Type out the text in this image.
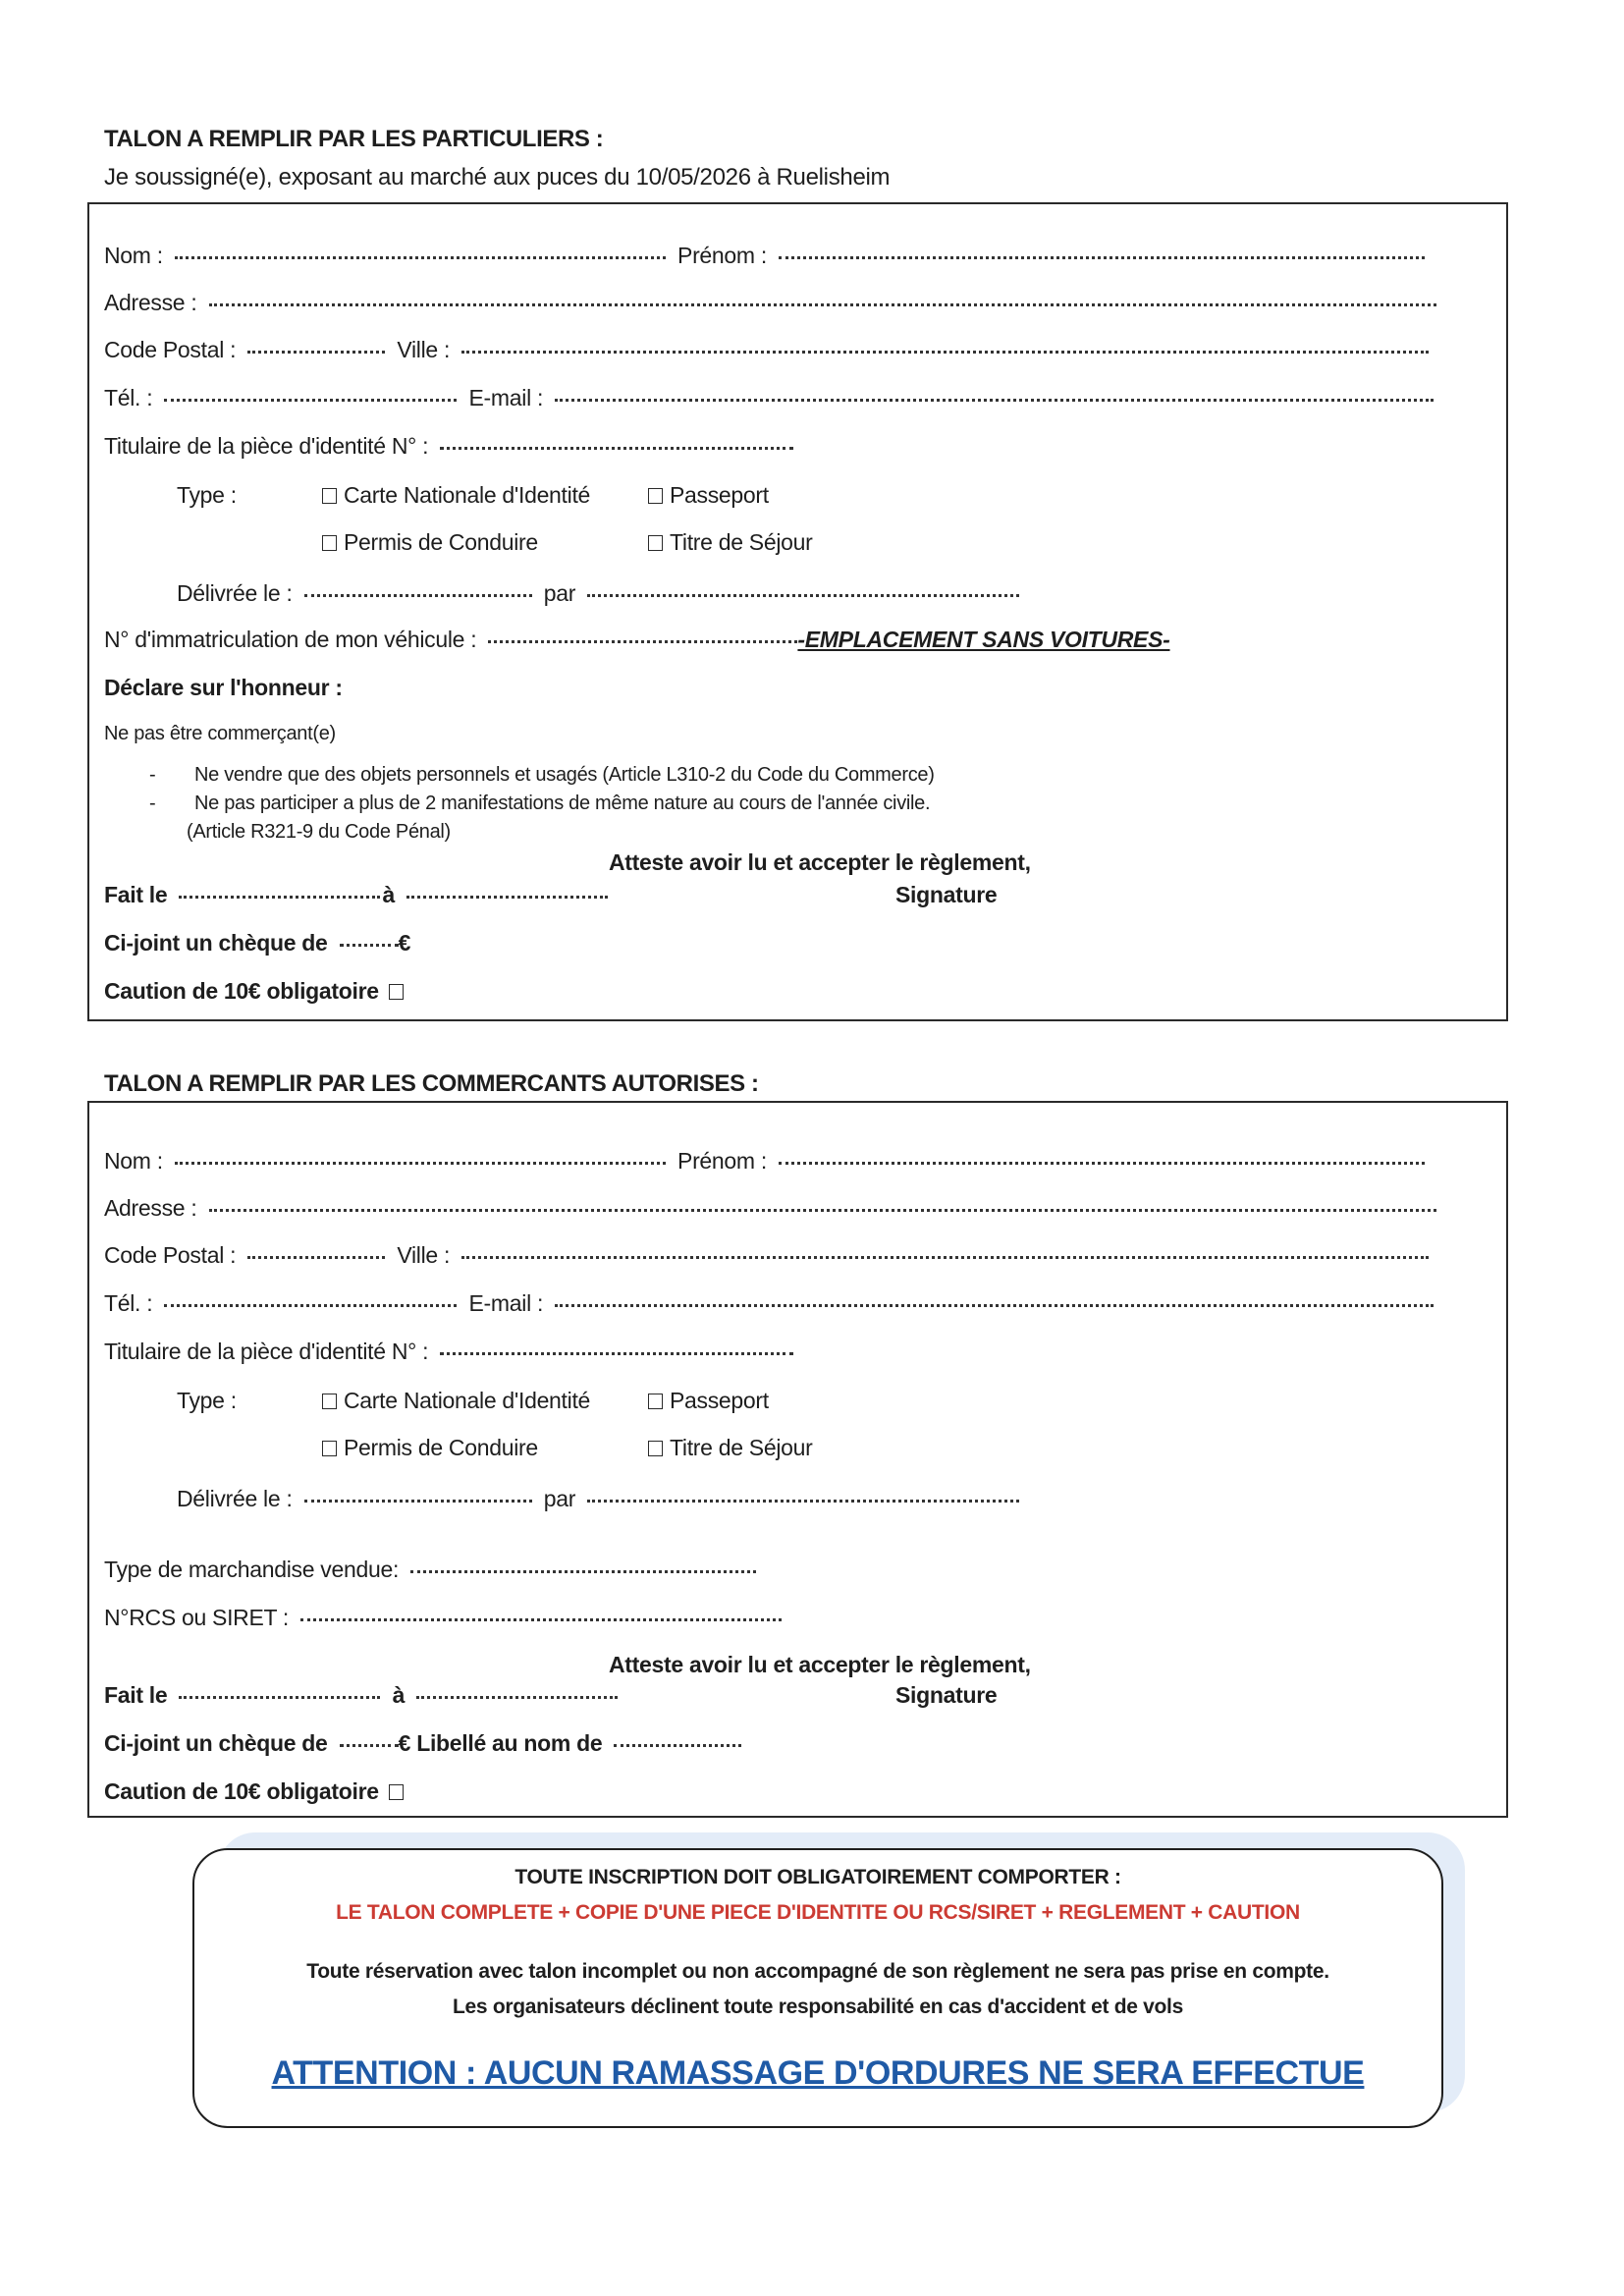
TALON A REMPLIR PAR LES PARTICULIERS :
Je soussigné(e), exposant au marché aux puces du 10/05/2026 à Ruelisheim
Nom :	Prénom :
Adresse :
Code Postal :	Ville :
Tél. :	E-mail :
Titulaire de la pièce d'identité N° :
Type :	Carte Nationale d'Identité	Passeport
Permis de Conduire	Titre de Séjour
Délivrée le :	par
N° d'immatriculation de mon véhicule :	-EMPLACEMENT SANS VOITURES-
Déclare sur l'honneur :
Ne pas être commerçant(e)
- Ne vendre que des objets personnels et usagés (Article L310-2 du Code du Commerce)
- Ne pas participer a plus de 2 manifestations de même nature au cours de l'année civile.
(Article R321-9 du Code Pénal)
Atteste avoir lu et accepter le règlement,
Fait le	à	Signature
Ci-joint un chèque de	€
Caution de 10€ obligatoire
TALON A REMPLIR PAR LES COMMERCANTS AUTORISES :
Nom :	Prénom :
Adresse :
Code Postal :	Ville :
Tél. :	E-mail :
Titulaire de la pièce d'identité N° :
Type :	Carte Nationale d'Identité	Passeport
Permis de Conduire	Titre de Séjour
Délivrée le :	par
Type de marchandise vendue:
N°RCS ou SIRET :
Atteste avoir lu et accepter le règlement,
Fait le	à	Signature
Ci-joint un chèque de	€ Libellé au nom de
Caution de 10€ obligatoire
TOUTE INSCRIPTION DOIT OBLIGATOIREMENT COMPORTER :
LE TALON COMPLETE + COPIE D'UNE PIECE D'IDENTITE OU RCS/SIRET + REGLEMENT + CAUTION
Toute réservation avec talon incomplet ou non accompagné de son règlement ne sera pas prise en compte.
Les organisateurs déclinent toute responsabilité en cas d'accident et de vols
ATTENTION : AUCUN RAMASSAGE D'ORDURES NE SERA EFFECTUE
